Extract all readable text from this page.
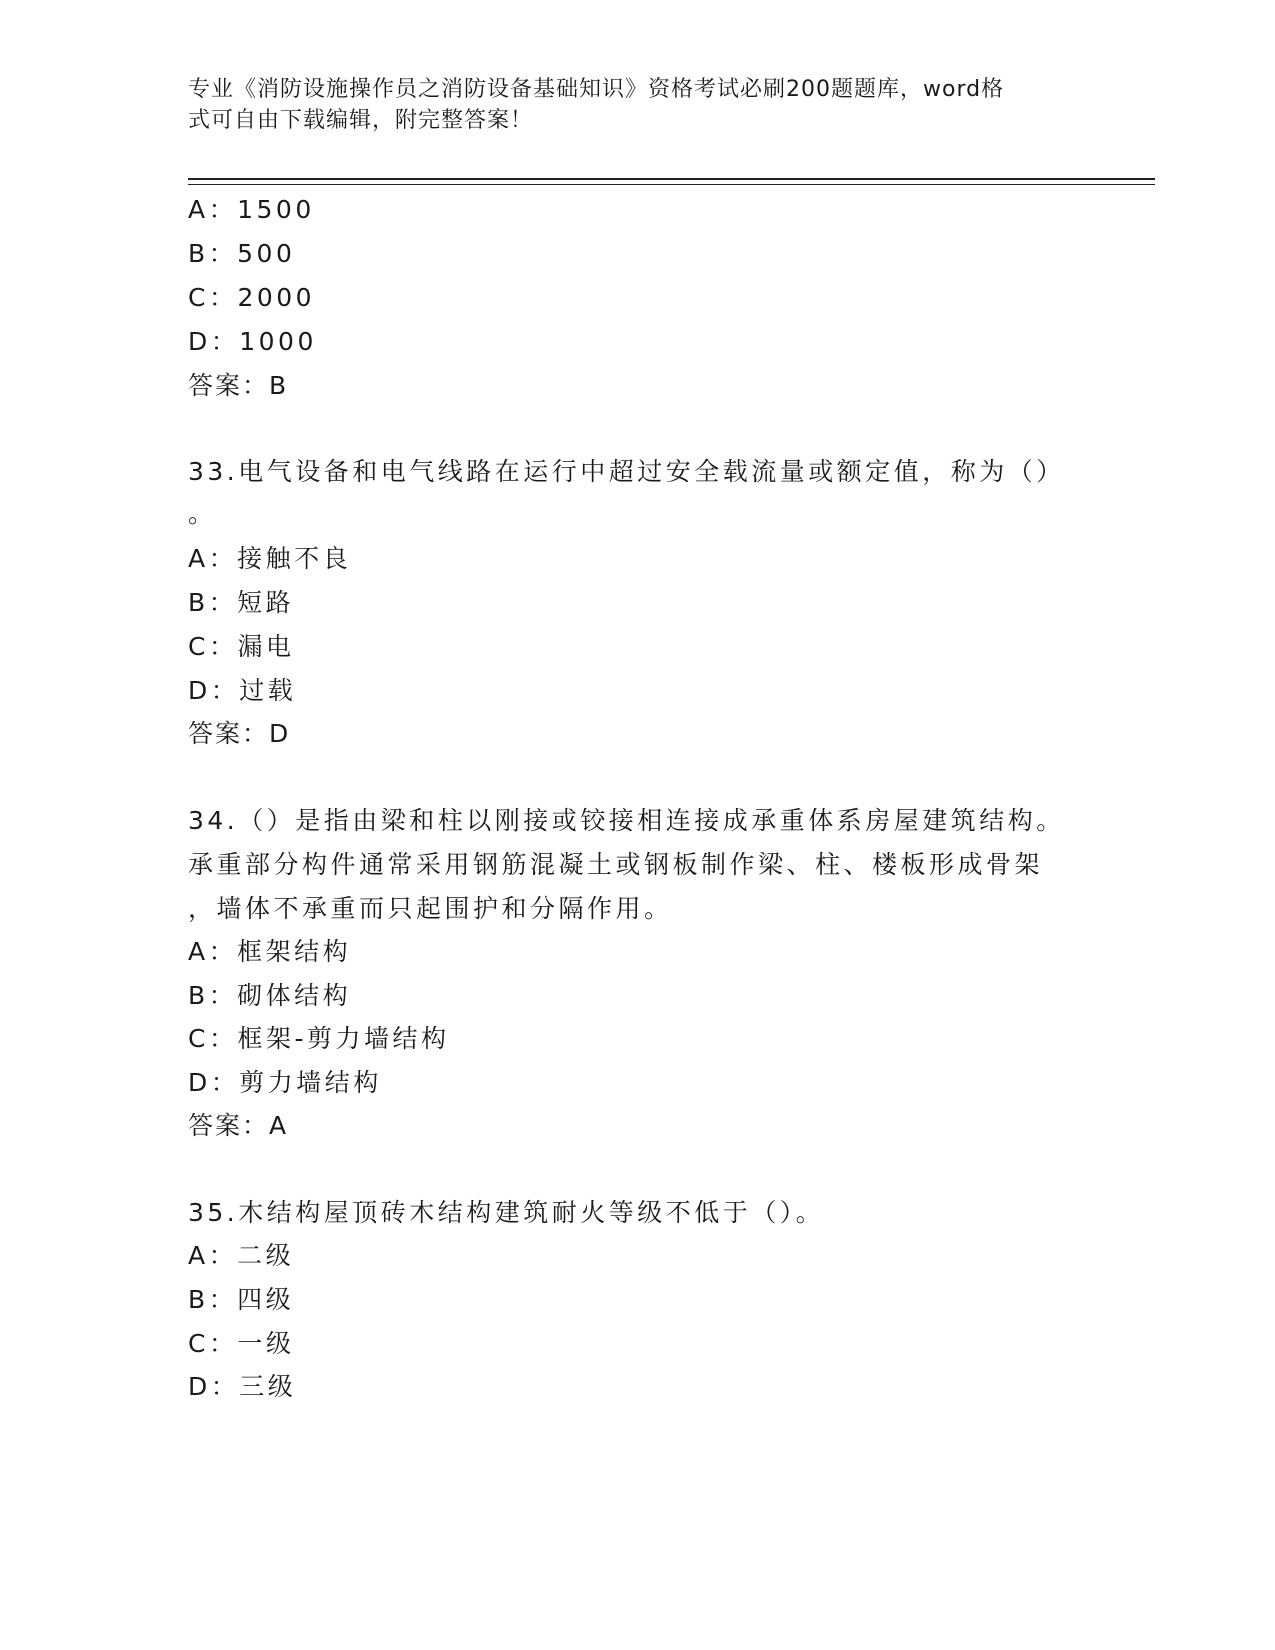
专业《消防设施操作员之消防设备基础知识》资格考试必刷200题题库，word格
式可自由下载编辑，附完整答案！
A：1500
B：500
C：2000
D：1000
答案：B
33.电气设备和电气线路在运行中超过安全载流量或额定值，称为（）
。
A：接触不良
B：短路
C：漏电
D：过载
答案：D
34.（）是指由梁和柱以刚接或铰接相连接成承重体系房屋建筑结构。
承重部分构件通常采用钢筋混凝土或钢板制作梁、柱、楼板形成骨架
，墙体不承重而只起围护和分隔作用。
A：框架结构
B：砌体结构
C：框架-剪力墙结构
D：剪力墙结构
答案：A
35.木结构屋顶砖木结构建筑耐火等级不低于（）。
A：二级
B：四级
C：一级
D：三级
